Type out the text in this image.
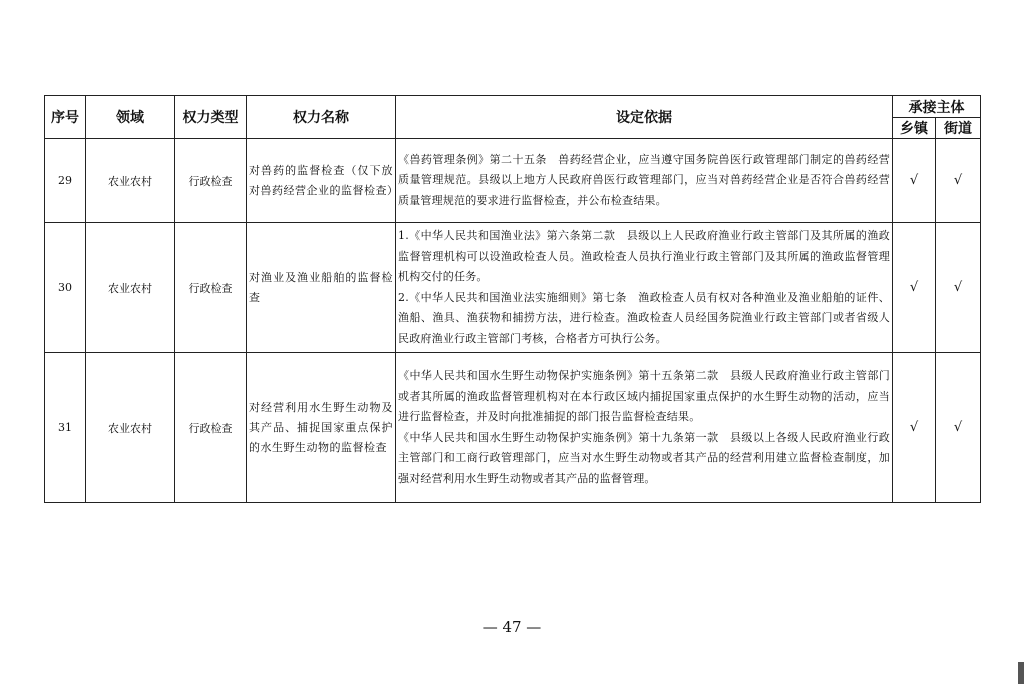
序号	领域	权力类型	权力名称	设定依据	承接主体	
					乡镇	街道
29	农业农村	行政检查	对兽药的监督检查（仅下放对兽药经营企业的监督检查）	《兽药管理条例》第二十五条　兽药经营企业，应当遵守国务院兽医行政管理部门制定的兽药经营质量管理规范。县级以上地方人民政府兽医行政管理部门，应当对兽药经营企业是否符合兽药经营质量管理规范的要求进行监督检查，并公布检查结果。	√	√
30	农业农村	行政检查	对渔业及渔业船舶的监督检查	1.《中华人民共和国渔业法》第六条第二款　县级以上人民政府渔业行政主管部门及其所属的渔政监督管理机构可以设渔政检查人员。渔政检查人员执行渔业行政主管部门及其所属的渔政监督管理机构交付的任务。
2.《中华人民共和国渔业法实施细则》第七条　渔政检查人员有权对各种渔业及渔业船舶的证件、渔船、渔具、渔获物和捕捞方法，进行检查。渔政检查人员经国务院渔业行政主管部门或者省级人民政府渔业行政主管部门考核，合格者方可执行公务。	√	√
31	农业农村	行政检查	对经营利用水生野生动物及其产品、捕捉国家重点保护的水生野生动物的监督检查	《中华人民共和国水生野生动物保护实施条例》第十五条第二款　县级人民政府渔业行政主管部门或者其所属的渔政监督管理机构对在本行政区域内捕捉国家重点保护的水生野生动物的活动，应当进行监督检查，并及时向批准捕捉的部门报告监督检查结果。
《中华人民共和国水生野生动物保护实施条例》第十九条第一款　县级以上各级人民政府渔业行政主管部门和工商行政管理部门，应当对水生野生动物或者其产品的经营利用建立监督检查制度，加强对经营利用水生野生动物或者其产品的监督管理。	√	√
— 47 —
